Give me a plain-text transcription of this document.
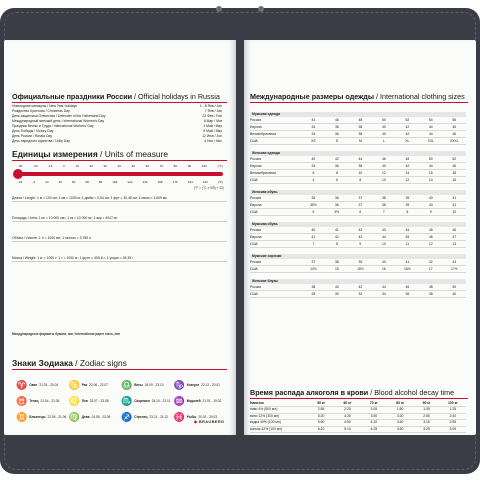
Официальные праздники России / Official holidays in Russia
Новогодние каникулы / New Year holidays	1 - 8 Янв / Jan
Рождество Христово / Christmas Day	7 Янв / Jan
День защитника Отечества / Defender of the Fatherland Day	23 Фев / Feb
Международный женский день / International Women's Day	8 Мар / Mar
Праздник Весны и Труда / International Workers' Day	1 Май / May
День Победы / Victory Day	9 Май / May
День России / Russia Day	12 Июн / Jun
День народного единства / Unity Day	4 Ноя / Nov
Единицы измерения / Units of measure
-30	-20	-10	0	10	20	30	40	50	60	70	80	90	100	(°C)
-22	-4	14	32	50	68	86	104	122	140	158	176	194	212	(°F)
(°F = (°C × 9/5) + 32)
Длина / Length: 1 м = 100 см; 1 км = 1000 м; 1 дюйм = 2,54 см; 1 фут = 30,48 см; 1 миля = 1,609 км
Площадь / Area: 1 м² = 10 000 см²; 1 га = 10 000 м²; 1 акр = 4047 м²
Объём / Volume: 1 л = 1000 мл; 1 галлон = 3,785 л
Масса / Weight: 1 кг = 1000 г; 1 т = 1000 кг; 1 фунт = 453,6 г; 1 унция = 28,35 г
Международные форматы бумаги, мм / International paper sizes, mm
Знаки Зодиака / Zodiac signs
♈ Овен 21.03 - 20.04 ♋ Рак 22.06 - 22.07 ♎ Весы 24.09 - 23.10 ♑ Козерог 22.12 - 20.01
♉ Телец 21.04 - 21.05 ♌ Лев 23.07 - 23.08 ♏ Скорпион 24.10 - 22.11 ♒ Водолей 21.01 - 19.02
♊ Близнецы 22.05 - 21.06 ♍ Дева 24.08 - 23.09 ♐ Стрелец 23.11 - 21.12 ♓ Рыбы 20.02 - 20.03
Международные размеры одежды / International clothing sizes
Мужская одежда
Россия	44	46	48	50	52	54	56
Европа	34	36	38	40	42	44	46
Великобритания	34	36	38	40	42	44	46
США	XS	S	M	L	XL	XXL	XXXL
Женская одежда
Россия	40	42	44	46	48	50	52
Европа	34	36	38	40	42	44	46
Великобритания	6	8	10	12	14	16	18
США	4	6	8	10	12	14	16
Женская обувь
Россия	35	36	37	38	39	40	41
Европа	35½	36	37	38	39	40	41
США	5	5½	6	7	8	9	10
Мужская обувь
Россия	40	41	42	43	44	45	46
Европа	41	42	43	44	45	46	47
США	7	8	9	10	11	12	13
Мужские сорочки
Россия	37	38	39	40	41	42	43
США	14½	15	15½	16	16½	17	17½
Женские блузы
Россия	38	40	42	44	46	48	50
США	28	30	32	34	36	38	40
Время распада алкоголя в крови / Blood alcohol decay time
Напиток	50 кг	60 кг	70 кг	80 кг	90 кг	100 кг
пиво 4% (500 мл)	2:55	2:25	2:05	1:50	1:35	1:25
вино 12% (300 мл)	5:20	4:25	3:50	3:20	2:55	2:40
водка 40% (100 мл)	5:50	4:50	4:10	3:40	3:15	2:55
коньяк 42% (100 мл)	6:10	5:10	4:25	3:50	3:25	3:05
◆ BRAUBERG
